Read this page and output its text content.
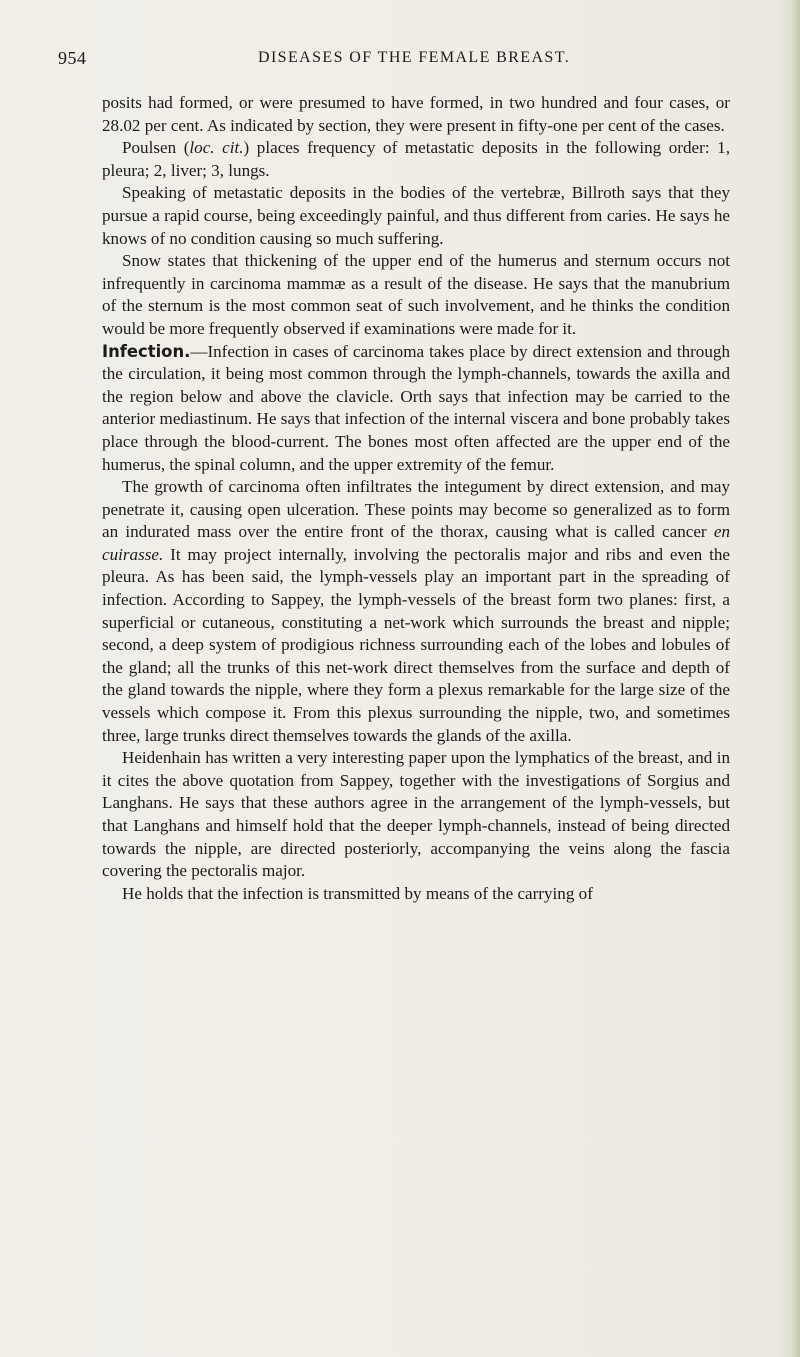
954	DISEASES OF THE FEMALE BREAST.

posits had formed, or were presumed to have formed, in two hundred and four cases, or 28.02 per cent. As indicated by section, they were present in fifty-one per cent of the cases.

Poulsen (loc. cit.) places frequency of metastatic deposits in the following order: 1, pleura; 2, liver; 3, lungs.

Speaking of metastatic deposits in the bodies of the vertebræ, Billroth says that they pursue a rapid course, being exceedingly painful, and thus different from caries. He says he knows of no condition causing so much suffering.

Snow states that thickening of the upper end of the humerus and sternum occurs not infrequently in carcinoma mammæ as a result of the disease. He says that the manubrium of the sternum is the most common seat of such involvement, and he thinks the condition would be more frequently observed if examinations were made for it.

Infection.—Infection in cases of carcinoma takes place by direct extension and through the circulation, it being most common through the lymph-channels, towards the axilla and the region below and above the clavicle. Orth says that infection may be carried to the anterior mediastinum. He says that infection of the internal viscera and bone probably takes place through the blood-current. The bones most often affected are the upper end of the humerus, the spinal column, and the upper extremity of the femur.

The growth of carcinoma often infiltrates the integument by direct extension, and may penetrate it, causing open ulceration. These points may become so generalized as to form an indurated mass over the entire front of the thorax, causing what is called cancer en cuirasse. It may project internally, involving the pectoralis major and ribs and even the pleura. As has been said, the lymph-vessels play an important part in the spreading of infection. According to Sappey, the lymph-vessels of the breast form two planes: first, a superficial or cutaneous, constituting a net-work which surrounds the breast and nipple; second, a deep system of prodigious richness surrounding each of the lobes and lobules of the gland; all the trunks of this net-work direct themselves from the surface and depth of the gland towards the nipple, where they form a plexus remarkable for the large size of the vessels which compose it. From this plexus surrounding the nipple, two, and sometimes three, large trunks direct themselves towards the glands of the axilla.

Heidenhain has written a very interesting paper upon the lymphatics of the breast, and in it cites the above quotation from Sappey, together with the investigations of Sorgius and Langhans. He says that these authors agree in the arrangement of the lymph-vessels, but that Langhans and himself hold that the deeper lymph-channels, instead of being directed towards the nipple, are directed posteriorly, accompanying the veins along the fascia covering the pectoralis major.

He holds that the infection is transmitted by means of the carrying of
